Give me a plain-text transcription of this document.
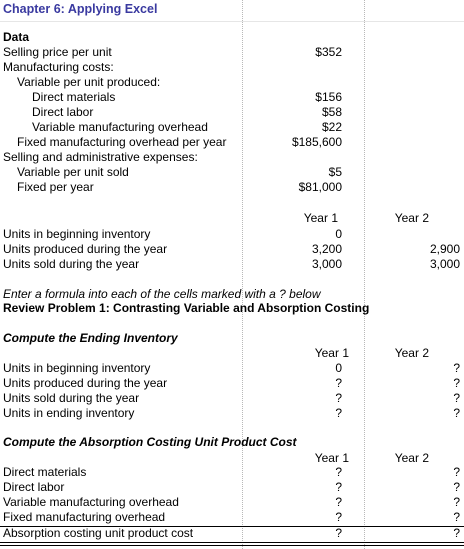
Chapter 6: Applying Excel
Data
Selling price per unit	$352
Manufacturing costs:
Variable per unit produced:
Direct materials	$156
Direct labor	$58
Variable manufacturing overhead	$22
Fixed manufacturing overhead per year	$185,600
Selling and administrative expenses:
Variable per unit sold	$5
Fixed per year	$81,000
Year 1	Year 2
Units in beginning inventory	0
Units produced during the year	3,200	2,900
Units sold during the year	3,000	3,000
Enter a formula into each of the cells marked with a ? below
Review Problem 1: Contrasting Variable and Absorption Costing
Compute the Ending Inventory
Year 1	Year 2
Units in beginning inventory	0	?
Units produced during the year	?	?
Units sold during the year	?	?
Units in ending inventory	?	?
Compute the Absorption Costing Unit Product Cost
Year 1	Year 2
Direct materials	?	?
Direct labor	?	?
Variable manufacturing overhead	?	?
Fixed manufacturing overhead	?	?
Absorption costing unit product cost	?	?
